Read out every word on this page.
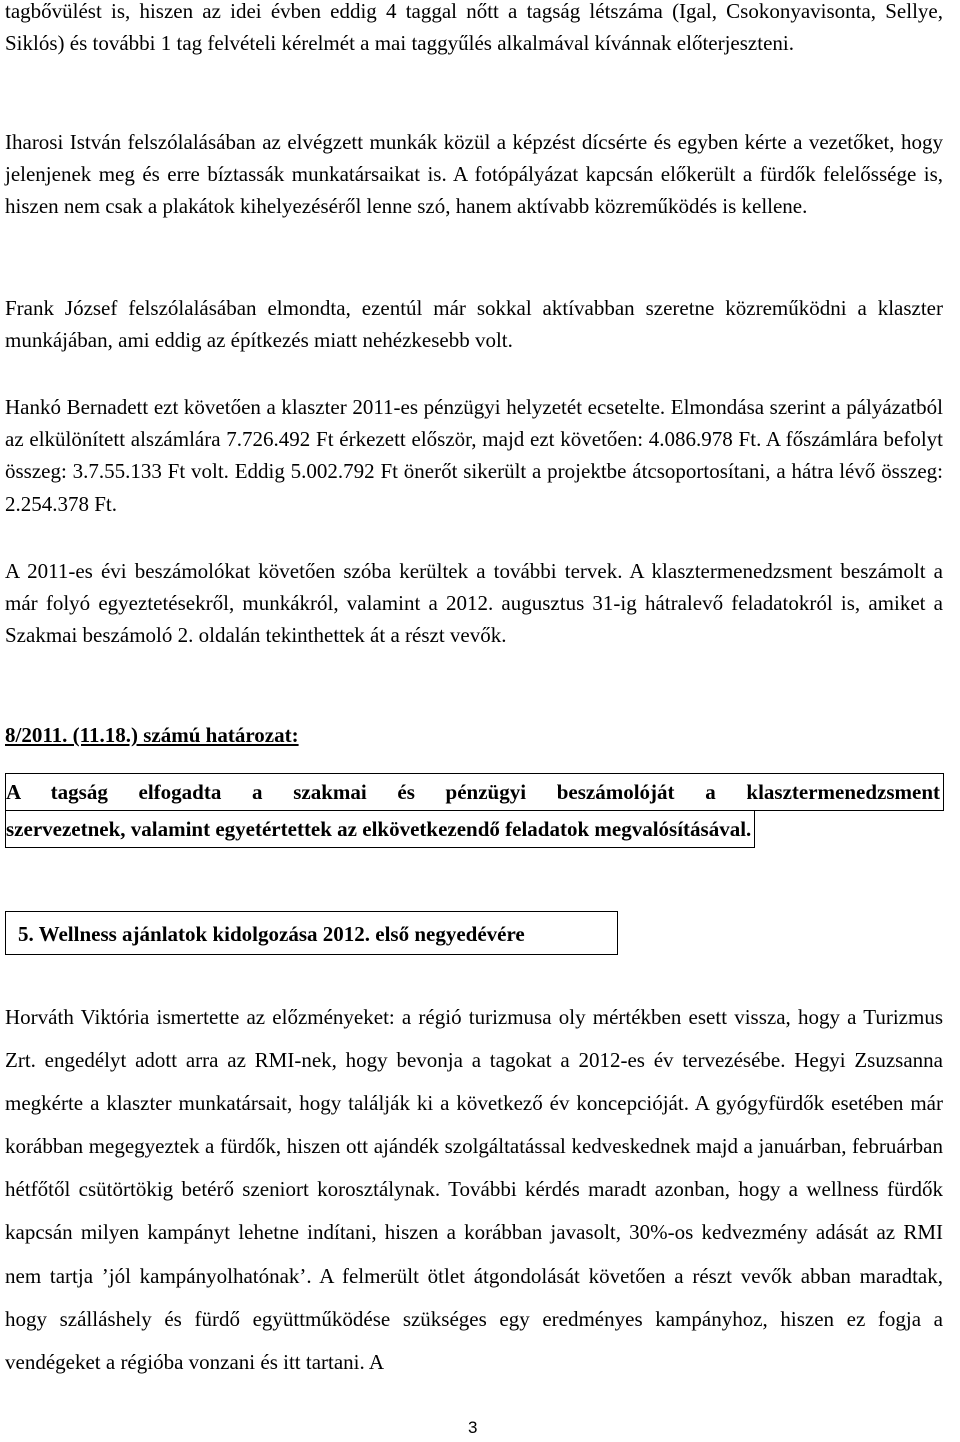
tagbővülést is, hiszen az idei évben eddig 4 taggal nőtt a tagság létszáma (Igal, Csokonyavisonta, Sellye, Siklós) és további 1 tag felvételi kérelmét a mai taggyűlés alkalmával kívánnak előterjeszteni.

Iharosi István felszólalásában az elvégzett munkák közül a képzést dícsérte és egyben kérte a vezetőket, hogy jelenjenek meg és erre bíztassák munkatársaikat is. A fotópályázat kapcsán előkerült a fürdők felelőssége is, hiszen nem csak a plakátok kihelyezéséről lenne szó, hanem aktívabb közreműködés is kellene.

Frank József felszólalásában elmondta, ezentúl már sokkal aktívabban szeretne közreműködni a klaszter munkájában, ami eddig az építkezés miatt nehézkesebb volt.

Hankó Bernadett ezt követően a klaszter 2011-es pénzügyi helyzetét ecsetelte. Elmondása szerint a pályázatból az elkülönített alszámlára 7.726.492 Ft érkezett először, majd ezt követően: 4.086.978 Ft. A főszámlára befolyt összeg: 3.7.55.133 Ft volt. Eddig 5.002.792 Ft önerőt sikerült a projektbe átcsoportosítani, a hátra lévő összeg: 2.254.378 Ft.

A 2011-es évi beszámolókat követően szóba kerültek a további tervek. A klasztermenedzsment beszámolt a már folyó egyeztetésekről, munkákról, valamint a 2012. augusztus 31-ig hátralevő feladatokról is, amiket a Szakmai beszámoló 2. oldalán tekinthettek át a részt vevők.

8/2011. (11.18.) számú határozat:

A tagság elfogadta a szakmai és pénzügyi beszámolóját a klasztermenedzsment
szervezetnek, valamint egyetértettek az elkövetkezendő feladatok megvalósításával.
5. Wellness ajánlatok kidolgozása 2012. első negyedévére

Horváth Viktória ismertette az előzményeket: a régió turizmusa oly mértékben esett vissza, hogy a Turizmus Zrt. engedélyt adott arra az RMI-nek, hogy bevonja a tagokat a 2012-es év tervezésébe. Hegyi Zsuzsanna megkérte a klaszter munkatársait, hogy találják ki a következő év koncepcióját. A gyógyfürdők esetében már korábban megegyeztek a fürdők, hiszen ott ajándék szolgáltatással kedveskednek majd a januárban, februárban hétfőtől csütörtökig betérő szeniort korosztálynak. További kérdés maradt azonban, hogy a wellness fürdők kapcsán milyen kampányt lehetne indítani, hiszen a korábban javasolt, 30%-os kedvezmény adását az RMI nem tartja ’jól kampányolhatónak’. A felmerült ötlet átgondolását követően a részt vevők abban maradtak, hogy szálláshely és fürdő együttműködése szükséges egy eredményes kampányhoz, hiszen ez fogja a vendégeket a régióba vonzani és itt tartani. A

3
